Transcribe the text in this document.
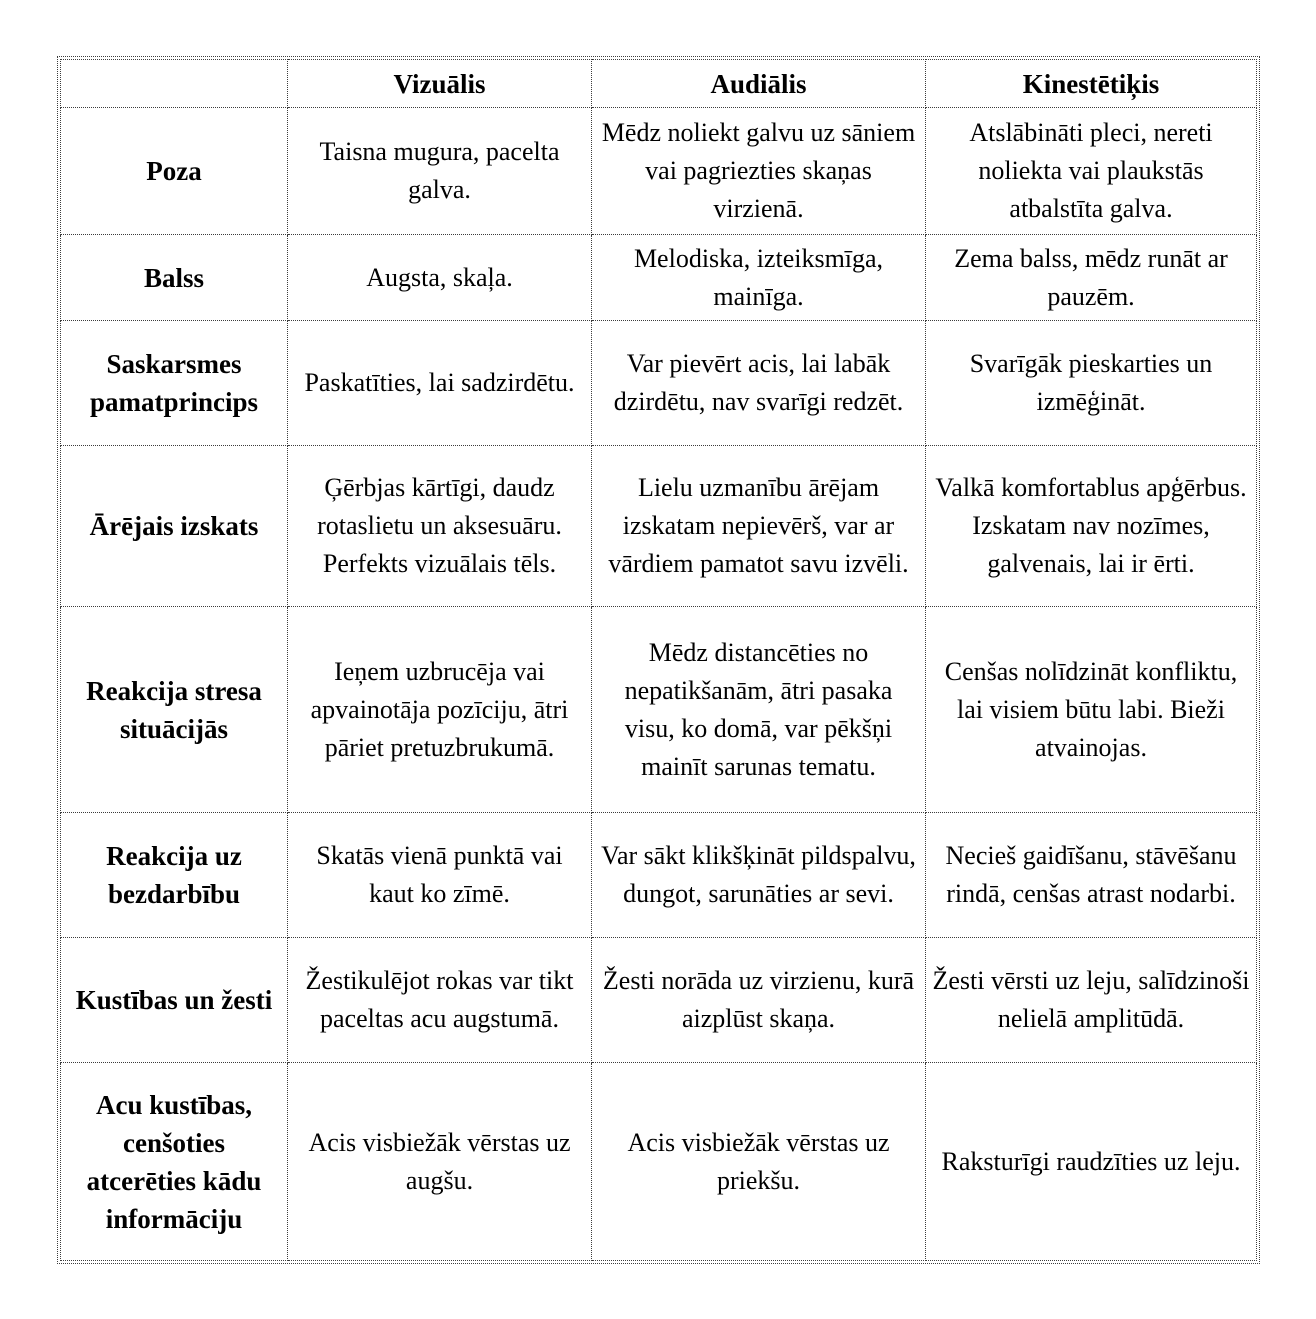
	Vizuālis	Audiālis	Kinestētiķis
Poza	Taisna mugura, pacelta galva.	Mēdz noliekt galvu uz sāniem vai pagriezties skaņas virzienā.	Atslābināti pleci, nereti noliekta vai plaukstās atbalstīta galva.
Balss	Augsta, skaļa.	Melodiska, izteiksmīga, mainīga.	Zema balss, mēdz runāt ar pauzēm.
Saskarsmes pamatprincips	Paskatīties, lai sadzirdētu.	Var pievērt acis, lai labāk dzirdētu, nav svarīgi redzēt.	Svarīgāk pieskarties un izmēģināt.
Ārējais izskats	Ģērbjas kārtīgi, daudz rotaslietu un aksesuāru. Perfekts vizuālais tēls.	Lielu uzmanību ārējam izskatam nepievērš, var ar vārdiem pamatot savu izvēli.	Valkā komfortablus apģērbus. Izskatam nav nozīmes, galvenais, lai ir ērti.
Reakcija stresa situācijās	Ieņem uzbrucēja vai apvainotāja pozīciju, ātri pāriet pretuzbrukumā.	Mēdz distancēties no nepatikšanām, ātri pasaka visu, ko domā, var pēkšņi mainīt sarunas tematu.	Cenšas nolīdzināt konfliktu, lai visiem būtu labi. Bieži atvainojas.
Reakcija uz bezdarbību	Skatās vienā punktā vai kaut ko zīmē.	Var sākt klikšķināt pildspalvu, dungot, sarunāties ar sevi.	Necieš gaidīšanu, stāvēšanu rindā, cenšas atrast nodarbi.
Kustības un žesti	Žestikulējot rokas var tikt paceltas acu augstumā.	Žesti norāda uz virzienu, kurā aizplūst skaņa.	Žesti vērsti uz leju, salīdzinoši nelielā amplitūdā.
Acu kustības, cenšoties atcerēties kādu informāciju	Acis visbiežāk vērstas uz augšu.	Acis visbiežāk vērstas uz priekšu.	Raksturīgi raudzīties uz leju.
